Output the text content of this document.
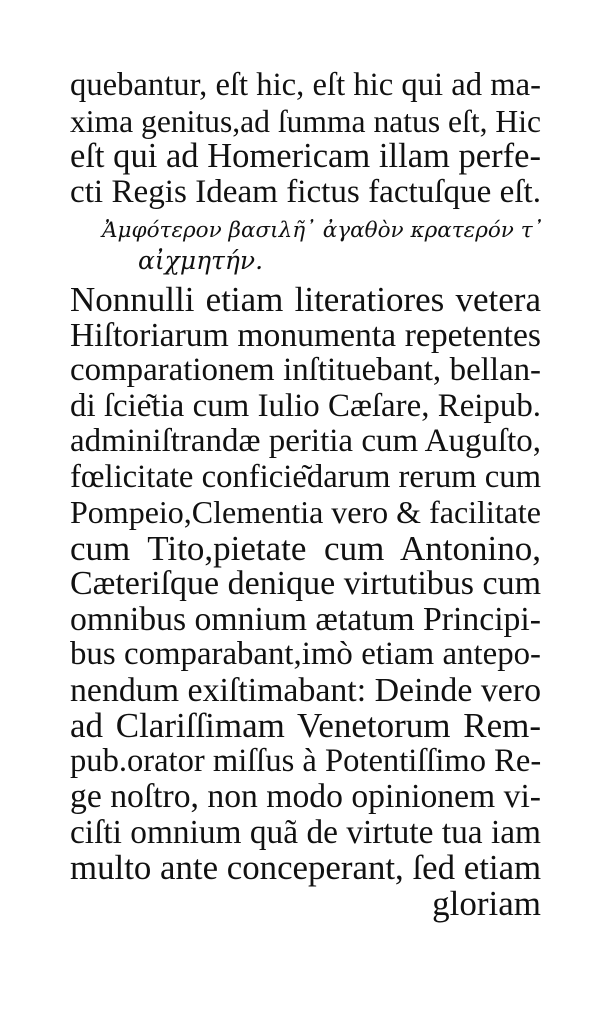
quebantur, eſt hic, eſt hic qui ad ma-
xima genitus,ad ſumma natus eſt, Hic
eſt qui ad Homericam illam perfe-
cti Regis Ideam fictus factuſque eſt.
Ἀμφότερον βασιλῆ᾽ ἀγαθὸν κρατερόν τ᾽
αἰχμητήν.
Nonnulli etiam literatiores vetera
Hiſtoriarum monumenta repetentes
comparationem inſtituebant, bellan-
di ſcie͂tia cum Iulio Cæſare, Reipub.
adminiſtrandæ peritia cum Auguſto,
fœlicitate conficie͂darum rerum cum
Pompeio,Clementia vero & facilitate
cum Tito,pietate cum Antonino,
Cæteriſque denique virtutibus cum
omnibus omnium ætatum Principi-
bus comparabant,imò etiam antepo-
nendum exiſtimabant: Deinde vero
ad Clariſſimam Venetorum Rem-
pub.orator miſſus à Potentiſſimo Re-
ge noſtro, non modo opinionem vi-
ciſti omnium quã de virtute tua iam
multo ante conceperant, ſed etiam
gloriam
